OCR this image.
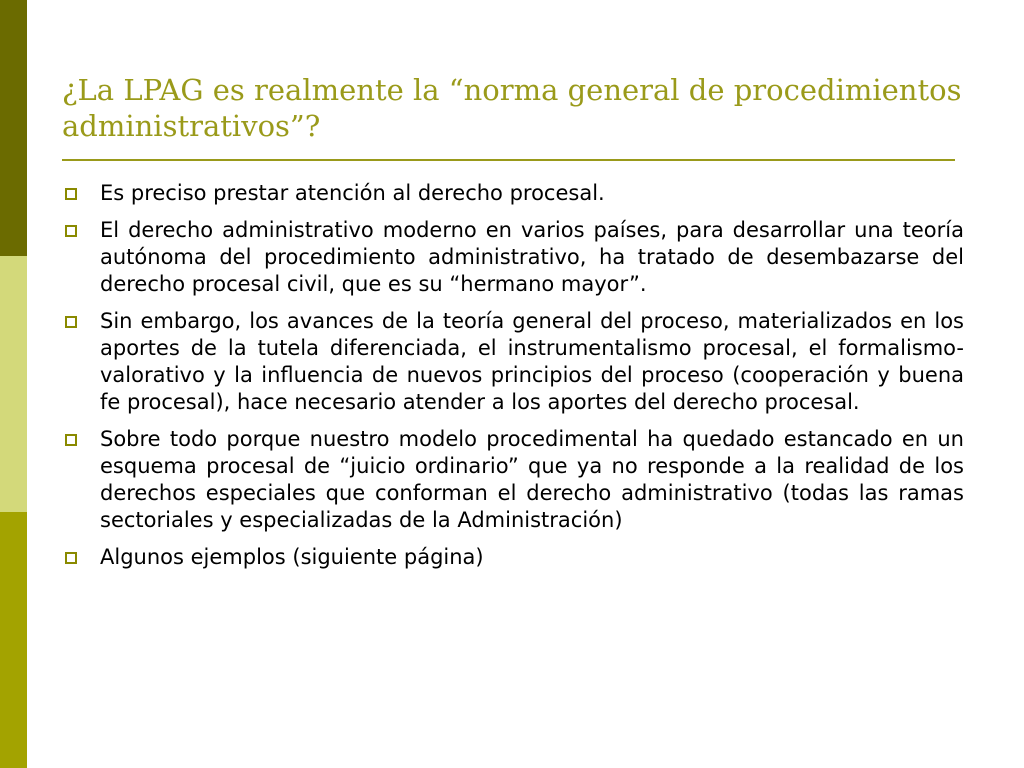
¿La LPAG es realmente la “norma general de procedimientos administrativos”?
Es preciso prestar atención al derecho procesal.
El derecho administrativo moderno en varios países, para desarrollar una teoría autónoma del procedimiento administrativo, ha tratado de desembazarse del derecho procesal civil, que es su “hermano mayor”.
Sin embargo, los avances de la teoría general del proceso, materializados en los aportes de la tutela diferenciada, el instrumentalismo procesal, el formalismo-valorativo y la influencia de nuevos principios del proceso (cooperación y buena fe procesal), hace necesario atender a los aportes del derecho procesal.
Sobre todo porque nuestro modelo procedimental ha quedado estancado en un esquema procesal de “juicio ordinario” que ya no responde a la realidad de los derechos especiales que conforman el derecho administrativo (todas las ramas sectoriales y especializadas de la Administración)
Algunos ejemplos (siguiente página)
